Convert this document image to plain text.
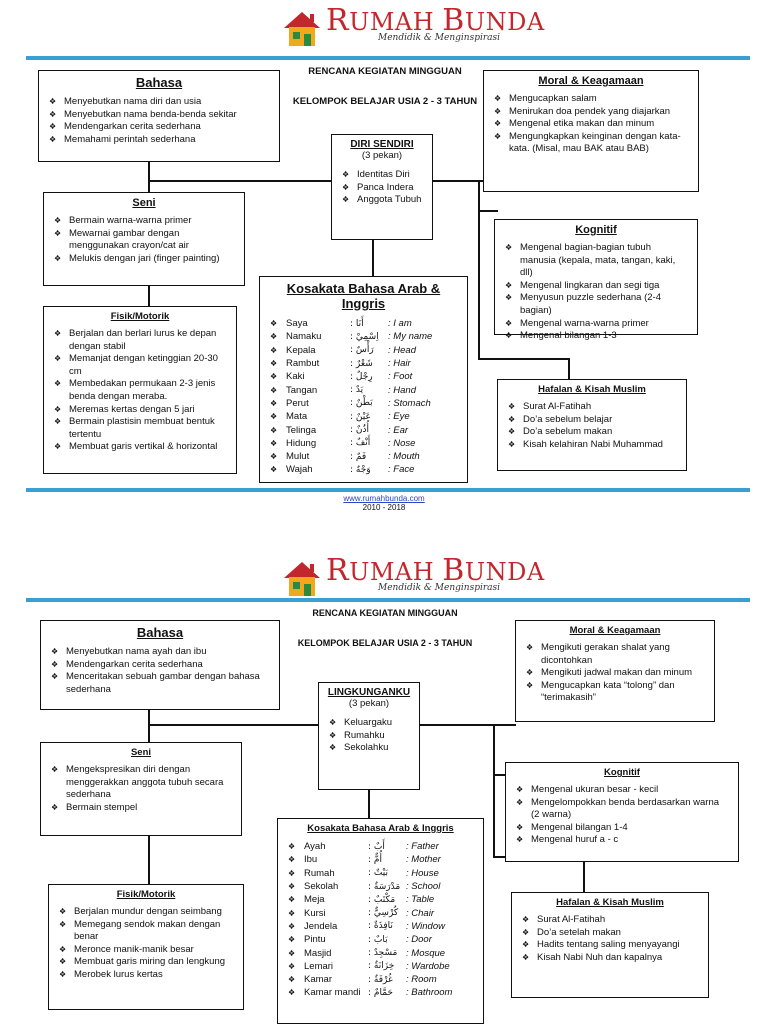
RUMAH BUNDA
Mendidik & Menginspirasi
RENCANA KEGIATAN MINGGUAN
KELOMPOK BELAJAR USIA 2 - 3 TAHUN
Bahasa
❖ Menyebutkan nama diri dan usia
❖ Menyebutkan nama benda-benda sekitar
❖ Mendengarkan cerita sederhana
❖ Memahami perintah sederhana	DIRI SENDIRI
(3 pekan)
❖ Identitas Diri
❖ Panca Indera
❖ Anggota Tubuh
Moral & Keagamaan
❖ Mengucapkan salam
❖ Menirukan doa pendek yang diajarkan
❖ Mengenal etika makan dan minum
❖ Mengungkapkan keinginan dengan kata-kata. (Misal, mau BAK atau BAB)
Seni
❖ Bermain warna-warna primer
❖ Mewarnai gambar dengan menggunakan crayon/cat air
❖ Melukis dengan jari (finger painting)
Kognitif
❖ Mengenal bagian-bagian tubuh manusia (kepala, mata, tangan, kaki, dll)
❖ Mengenal lingkaran dan segi tiga
❖ Menyusun puzzle sederhana (2-4 bagian)
❖ Mengenal warna-warna primer
❖ Mengenal bilangan 1-3
Kosakata Bahasa Arab & Inggris
❖	Saya	: أَنَا	: I am
❖	Namaku	: اِسْمِيْ	: My name
❖	Kepala	: رَأْسٌ	: Head
❖	Rambut	: شَعْرٌ	: Hair
❖	Kaki	: رِجْلٌ	: Foot
❖	Tangan	: يَدٌ	: Hand
❖	Perut	: بَطْنٌ	: Stomach
❖	Mata	: عَيْنٌ	: Eye
❖	Telinga	: أُذُنٌ	: Ear
❖	Hidung	: أَنْفٌ	: Nose
❖	Mulut	: فَمٌ	: Mouth
❖	Wajah	: وَجْهٌ	: Face
Fisik/Motorik
❖ Berjalan dan berlari lurus ke depan dengan stabil
❖ Memanjat dengan ketinggian 20-30 cm
❖ Membedakan permukaan 2-3 jenis benda dengan meraba.
❖ Meremas kertas dengan 5 jari
❖ Bermain plastisin membuat bentuk tertentu
❖ Membuat garis vertikal & horizontal
Hafalan & Kisah Muslim
❖ Surat Al-Fatihah
❖ Do’a sebelum belajar
❖ Do’a sebelum makan
❖ Kisah kelahiran Nabi Muhammad
www.rumahbunda.com
2010 - 2018
RUMAH BUNDA
Mendidik & Menginspirasi
RENCANA KEGIATAN MINGGUAN
KELOMPOK BELAJAR USIA 2 - 3 TAHUN
Bahasa
❖ Menyebutkan nama ayah dan ibu
❖ Mendengarkan cerita sederhana
❖ Menceritakan sebuah gambar dengan bahasa sederhana	LINGKUNGANKU
(3 pekan)
❖ Keluargaku
❖ Rumahku
❖ Sekolahku
Moral & Keagamaan
❖ Mengikuti gerakan shalat yang dicontohkan
❖ Mengikuti jadwal makan dan minum
❖ Mengucapkan kata “tolong” dan “terimakasih”
Seni
❖ Mengekspresikan diri dengan menggerakkan anggota tubuh secara sederhana
❖ Bermain stempel
Kognitif
❖ Mengenal ukuran besar - kecil
❖ Mengelompokkan benda berdasarkan warna (2 warna)
❖ Mengenal bilangan 1-4
❖ Mengenal huruf a - c
Kosakata Bahasa Arab & Inggris
❖	Ayah	: أَبٌ	: Father
❖	Ibu	: أُمٌّ	: Mother
❖	Rumah	: بَيْتٌ	: House
❖	Sekolah	: مَدْرَسَةٌ	: School
❖	Meja	: مَكْتَبٌ	: Table
❖	Kursi	: كُرْسِيٌّ	: Chair
❖	Jendela	: نَافِذَةٌ	: Window
❖	Pintu	: بَابٌ	: Door
❖	Masjid	: مَسْجِدٌ	: Mosque
❖	Lemari	: خِزَانَةٌ	: Wardobe
❖	Kamar	: غُرْفَةٌ	: Room
❖	Kamar mandi	: حَمَّامٌ	: Bathroom
Fisik/Motorik
❖ Berjalan mundur dengan seimbang
❖ Memegang sendok makan dengan benar
❖ Meronce manik-manik besar
❖ Membuat garis miring dan lengkung
❖ Merobek lurus kertas
Hafalan & Kisah Muslim
❖ Surat Al-Fatihah
❖ Do’a setelah makan
❖ Hadits tentang saling menyayangi
❖ Kisah Nabi Nuh dan kapalnya
